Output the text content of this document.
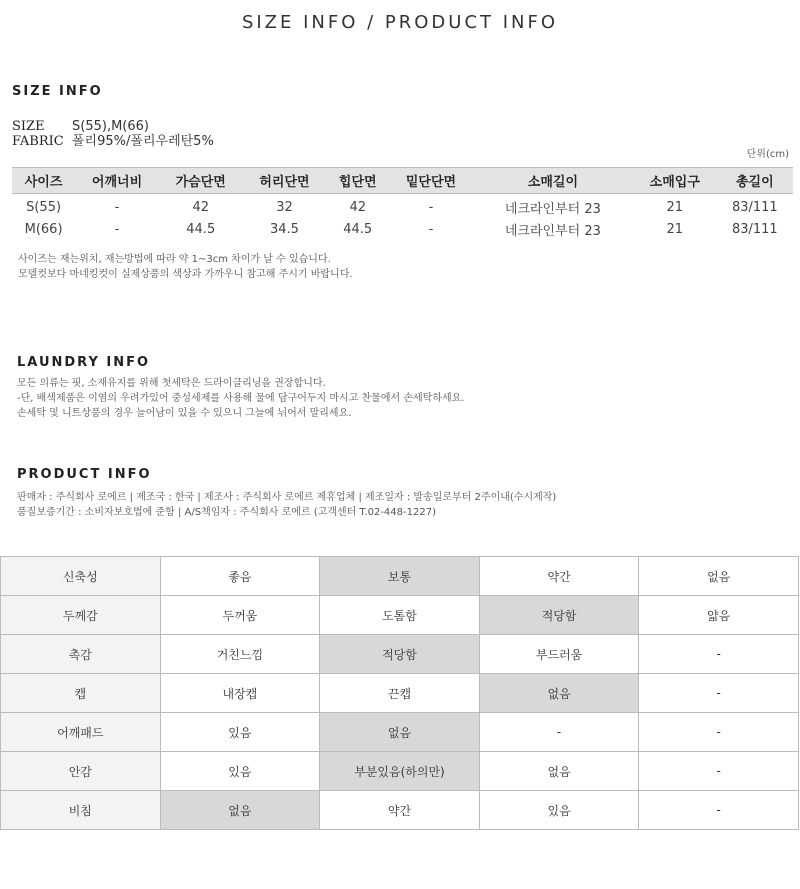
SIZE INFO / PRODUCT INFO
SIZE INFO
SIZE	S(55),M(66)
FABRIC 폴리95%/폴리우레탄5%
단위(cm)
사이즈	어깨너비	가슴단면	허리단면	힙단면	밑단단면	소매길이	소매입구	총길이
S(55)	-	42	32	42	-	네크라인부터 23	21	83/111
M(66)	-	44.5	34.5	44.5	-	네크라인부터 23	21	83/111
사이즈는 재는위치, 재는방법에 따라 약 1~3cm 차이가 날 수 있습니다.
모델컷보다 마네킹컷이 실제상품의 색상과 가까우니 참고해 주시기 바랍니다.
LAUNDRY INFO
모든 의류는 핏, 소재유지를 위해 첫세탁은 드라이클리닝을 권장합니다.
-단, 배색제품은 이염의 우려가있어 중성세제를 사용해 물에 담구어두지 마시고 찬물에서 손세탁하세요.
손세탁 및 니트상품의 경우 늘어남이 있을 수 있으니 그늘에 뉘어서 말리세요.
PRODUCT INFO
판매자 : 주식회사 로에르 | 제조국 : 한국 | 제조사 : 주식회사 로에르 제휴업체 | 제조일자 : 발송일로부터 2주이내(수시제작)
품질보증기간 : 소비자보호법에 준함 | A/S책임자 : 주식회사 로에르 (고객센터 T.02-448-1227)
신축성	좋음	보통	약간	없음
두께감	두꺼움	도톰함	적당함	얇음
촉감	거친느낌	적당함	부드러움	-
캡	내장캡	끈캡	없음	-
어깨패드	있음	없음	-	-
안감	있음	부분있음(하의만)	없음	-
비침	없음	약간	있음	-
